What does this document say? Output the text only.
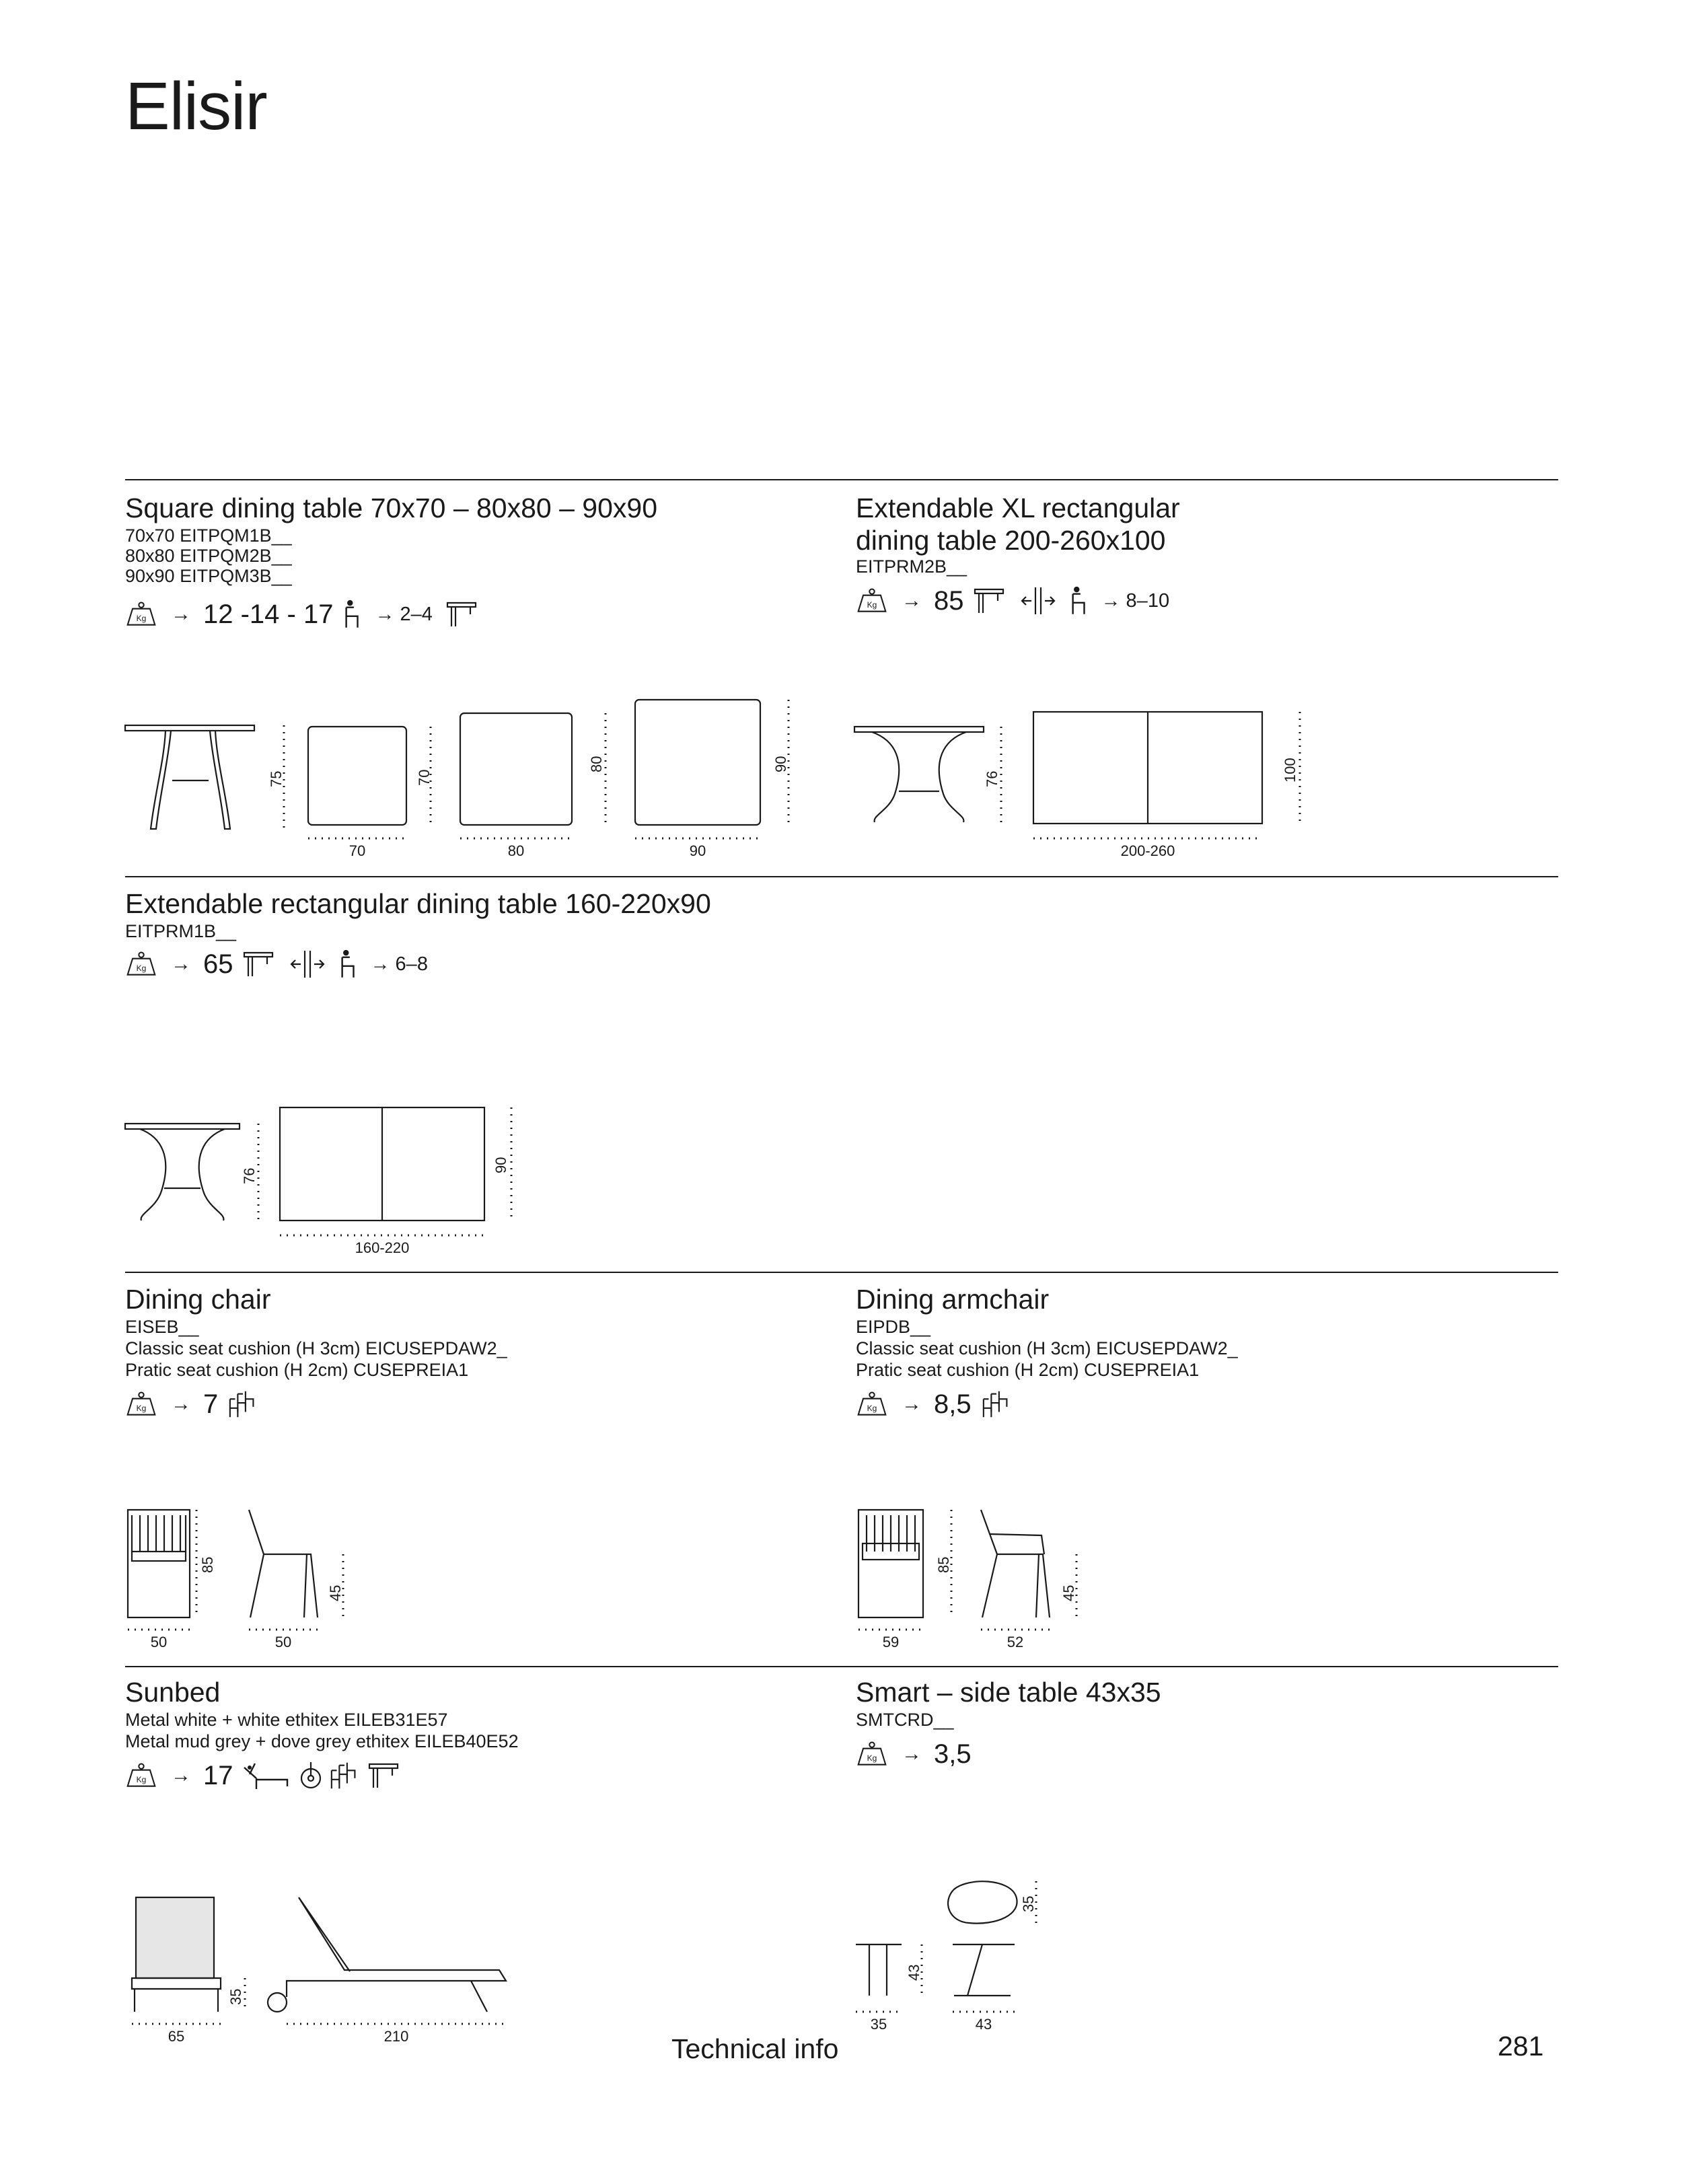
Elisir
Square dining table 70x70 – 80x80 – 90x90
70x70 EITPQM1B__
80x80 EITPQM2B__
90x90 EITPQM3B__
→ 12 -14 - 17 → 2–4
Extendable XL rectangular
dining table 200-260x100
EITPRM2B__
→ 85	→ 8–10
Extendable rectangular dining table 160-220x90
EITPRM1B__
→ 65	→ 6–8
Dining chair
EISEB__
Classic seat cushion (H 3cm) EICUSEPDAW2_
Pratic seat cushion (H 2cm) CUSEPREIA1
→ 7
Dining armchair
EIPDB__
Classic seat cushion (H 3cm) EICUSEPDAW2_
Pratic seat cushion (H 2cm) CUSEPREIA1
→ 8,5
Sunbed
Metal white + white ethitex EILEB31E57
Metal mud grey + dove grey ethitex EILEB40E52
→ 17
Smart – side table 43x35
SMTCRD__
→ 3,5
75
70
70
80
80
90
90
76	100
200-260
76
90
160-220
85
45
50	50
85
45
59	52
35
65	210
43
35
35	43
Technical info	281
